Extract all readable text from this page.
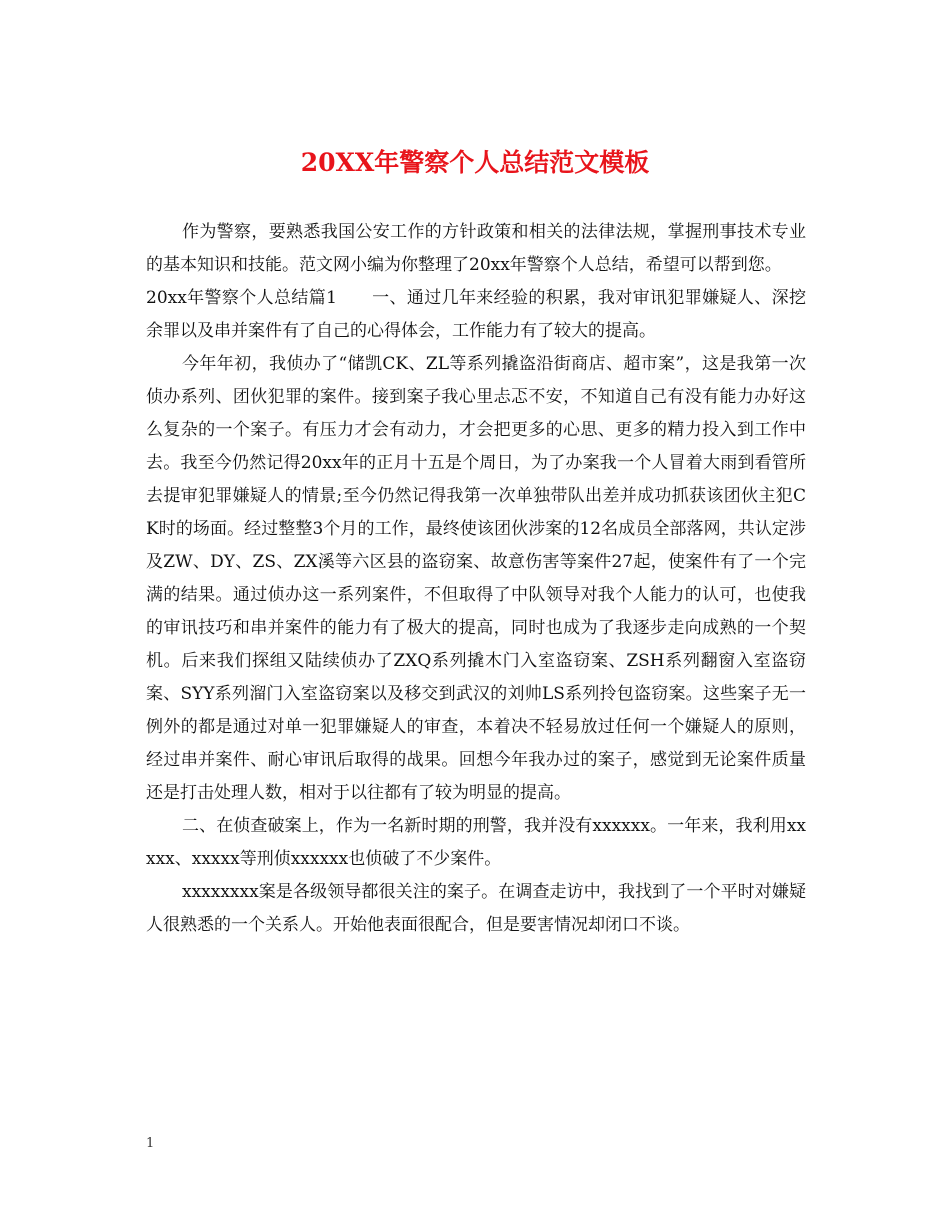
20XX年警察个人总结范文模板

作为警察，要熟悉我国公安工作的方针政策和相关的法律法规，掌握刑事技术专业的基本知识和技能。范文网小编为你整理了20xx年警察个人总结，希望可以帮到您。

20xx年警察个人总结篇1　　一、通过几年来经验的积累，我对审讯犯罪嫌疑人、深挖余罪以及串并案件有了自己的心得体会，工作能力有了较大的提高。

今年年初，我侦办了“储凯CK、ZL等系列撬盗沿街商店、超市案”，这是我第一次侦办系列、团伙犯罪的案件。接到案子我心里忐忑不安，不知道自己有没有能力办好这么复杂的一个案子。有压力才会有动力，才会把更多的心思、更多的精力投入到工作中去。我至今仍然记得20xx年的正月十五是个周日，为了办案我一个人冒着大雨到看管所去提审犯罪嫌疑人的情景;至今仍然记得我第一次单独带队出差并成功抓获该团伙主犯CK时的场面。经过整整3个月的工作，最终使该团伙涉案的12名成员全部落网，共认定涉及ZW、DY、ZS、ZX溪等六区县的盗窃案、故意伤害等案件27起，使案件有了一个完满的结果。通过侦办这一系列案件，不但取得了中队领导对我个人能力的认可，也使我的审讯技巧和串并案件的能力有了极大的提高，同时也成为了我逐步走向成熟的一个契机。后来我们探组又陆续侦办了ZXQ系列撬木门入室盗窃案、ZSH系列翻窗入室盗窃案、SYY系列溜门入室盗窃案以及移交到武汉的刘帅LS系列拎包盗窃案。这些案子无一例外的都是通过对单一犯罪嫌疑人的审查，本着决不轻易放过任何一个嫌疑人的原则，经过串并案件、耐心审讯后取得的战果。回想今年我办过的案子，感觉到无论案件质量还是打击处理人数，相对于以往都有了较为明显的提高。

二、在侦查破案上，作为一名新时期的刑警，我并没有xxxxxx。一年来，我利用xxxxx、xxxxx等刑侦xxxxxx也侦破了不少案件。

xxxxxxxx案是各级领导都很关注的案子。在调查走访中，我找到了一个平时对嫌疑人很熟悉的一个关系人。开始他表面很配合，但是要害情况却闭口不谈。

1
